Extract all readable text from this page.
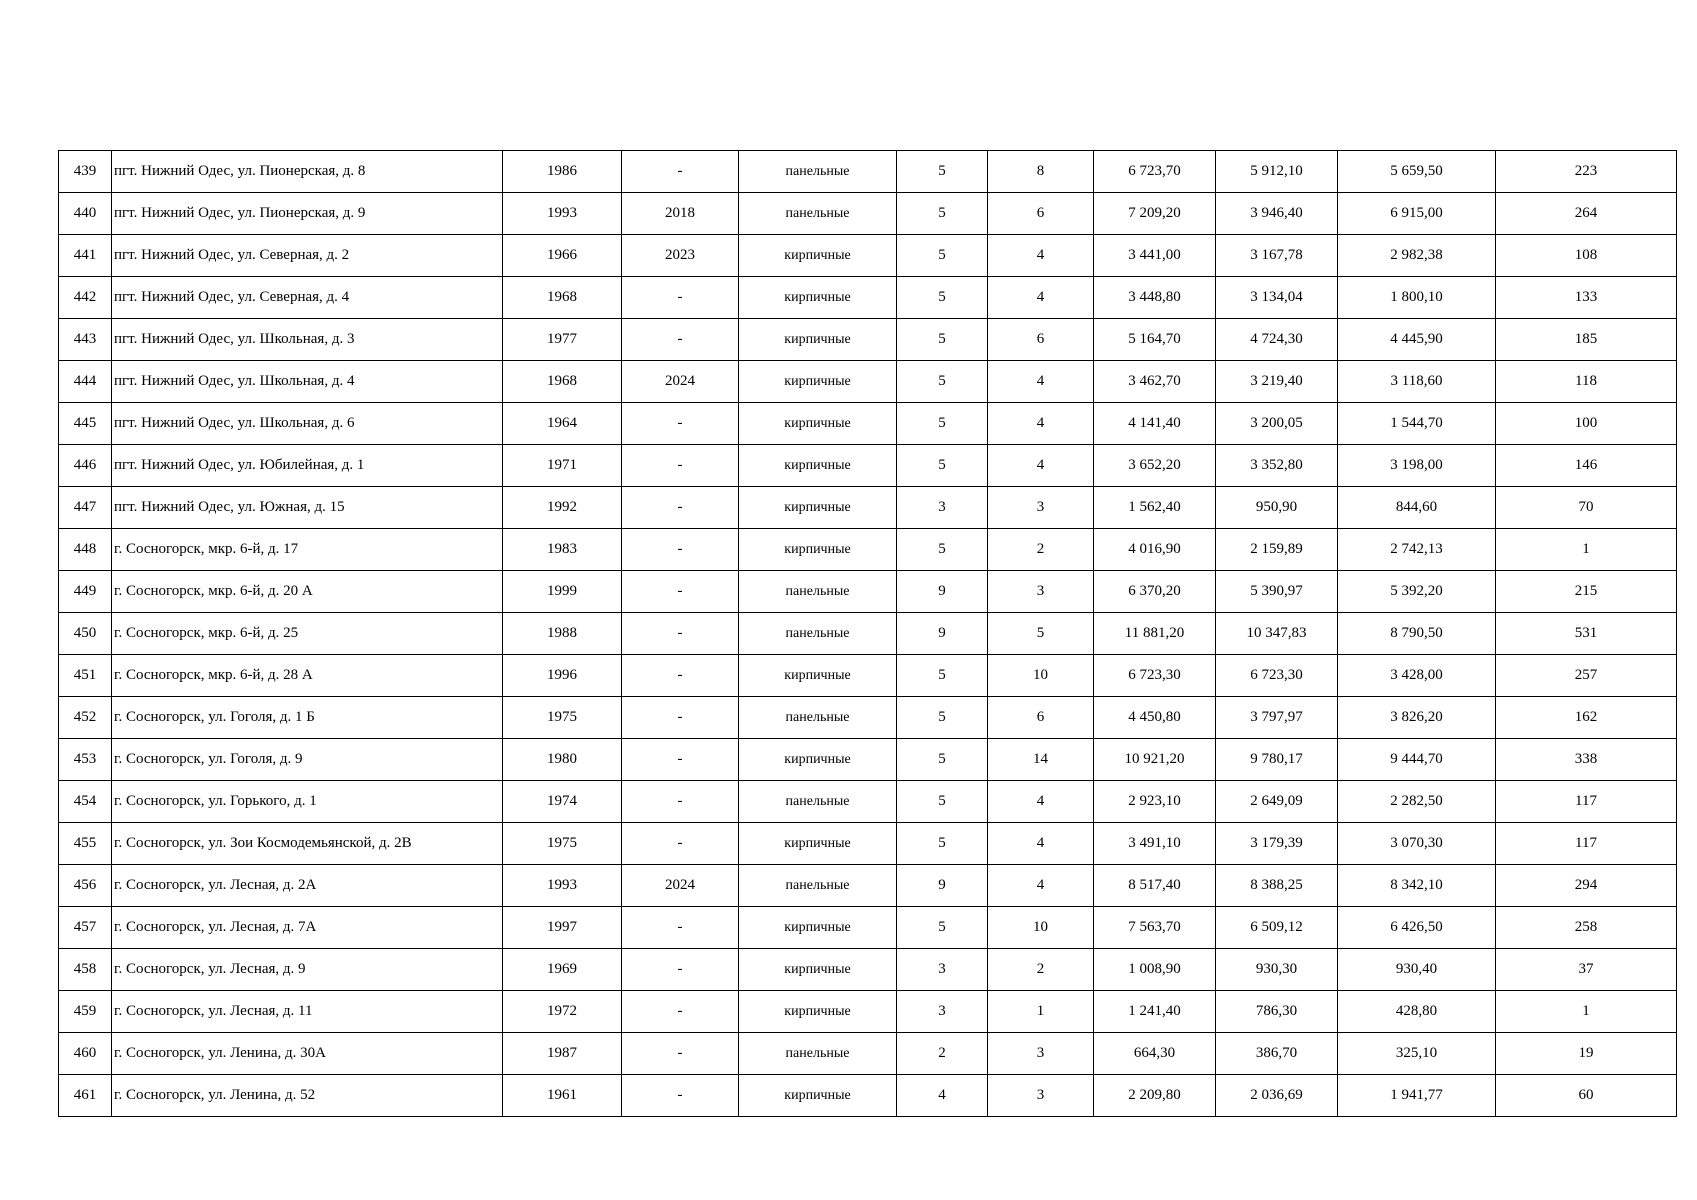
439	пгт. Нижний Одес, ул. Пионерская, д. 8	1986	-	панельные	5	8	6 723,70	5 912,10	5 659,50	223
440	пгт. Нижний Одес, ул. Пионерская, д. 9	1993	2018	панельные	5	6	7 209,20	3 946,40	6 915,00	264
441	пгт. Нижний Одес, ул. Северная, д. 2	1966	2023	кирпичные	5	4	3 441,00	3 167,78	2 982,38	108
442	пгт. Нижний Одес, ул. Северная, д. 4	1968	-	кирпичные	5	4	3 448,80	3 134,04	1 800,10	133
443	пгт. Нижний Одес, ул. Школьная, д. 3	1977	-	кирпичные	5	6	5 164,70	4 724,30	4 445,90	185
444	пгт. Нижний Одес, ул. Школьная, д. 4	1968	2024	кирпичные	5	4	3 462,70	3 219,40	3 118,60	118
445	пгт. Нижний Одес, ул. Школьная, д. 6	1964	-	кирпичные	5	4	4 141,40	3 200,05	1 544,70	100
446	пгт. Нижний Одес, ул. Юбилейная, д. 1	1971	-	кирпичные	5	4	3 652,20	3 352,80	3 198,00	146
447	пгт. Нижний Одес, ул. Южная, д. 15	1992	-	кирпичные	3	3	1 562,40	950,90	844,60	70
448	г. Сосногорск, мкр. 6-й, д. 17	1983	-	кирпичные	5	2	4 016,90	2 159,89	2 742,13	1
449	г. Сосногорск, мкр. 6-й, д. 20 А	1999	-	панельные	9	3	6 370,20	5 390,97	5 392,20	215
450	г. Сосногорск, мкр. 6-й, д. 25	1988	-	панельные	9	5	11 881,20	10 347,83	8 790,50	531
451	г. Сосногорск, мкр. 6-й, д. 28 А	1996	-	кирпичные	5	10	6 723,30	6 723,30	3 428,00	257
452	г. Сосногорск, ул. Гоголя, д. 1 Б	1975	-	панельные	5	6	4 450,80	3 797,97	3 826,20	162
453	г. Сосногорск, ул. Гоголя, д. 9	1980	-	кирпичные	5	14	10 921,20	9 780,17	9 444,70	338
454	г. Сосногорск, ул. Горького, д. 1	1974	-	панельные	5	4	2 923,10	2 649,09	2 282,50	117
455	г. Сосногорск, ул. Зои Космодемьянской, д. 2В	1975	-	кирпичные	5	4	3 491,10	3 179,39	3 070,30	117
456	г. Сосногорск, ул. Лесная, д. 2А	1993	2024	панельные	9	4	8 517,40	8 388,25	8 342,10	294
457	г. Сосногорск, ул. Лесная, д. 7А	1997	-	кирпичные	5	10	7 563,70	6 509,12	6 426,50	258
458	г. Сосногорск, ул. Лесная, д. 9	1969	-	кирпичные	3	2	1 008,90	930,30	930,40	37
459	г. Сосногорск, ул. Лесная, д. 11	1972	-	кирпичные	3	1	1 241,40	786,30	428,80	1
460	г. Сосногорск, ул. Ленина, д. 30А	1987	-	панельные	2	3	664,30	386,70	325,10	19
461	г. Сосногорск, ул. Ленина, д. 52	1961	-	кирпичные	4	3	2 209,80	2 036,69	1 941,77	60
